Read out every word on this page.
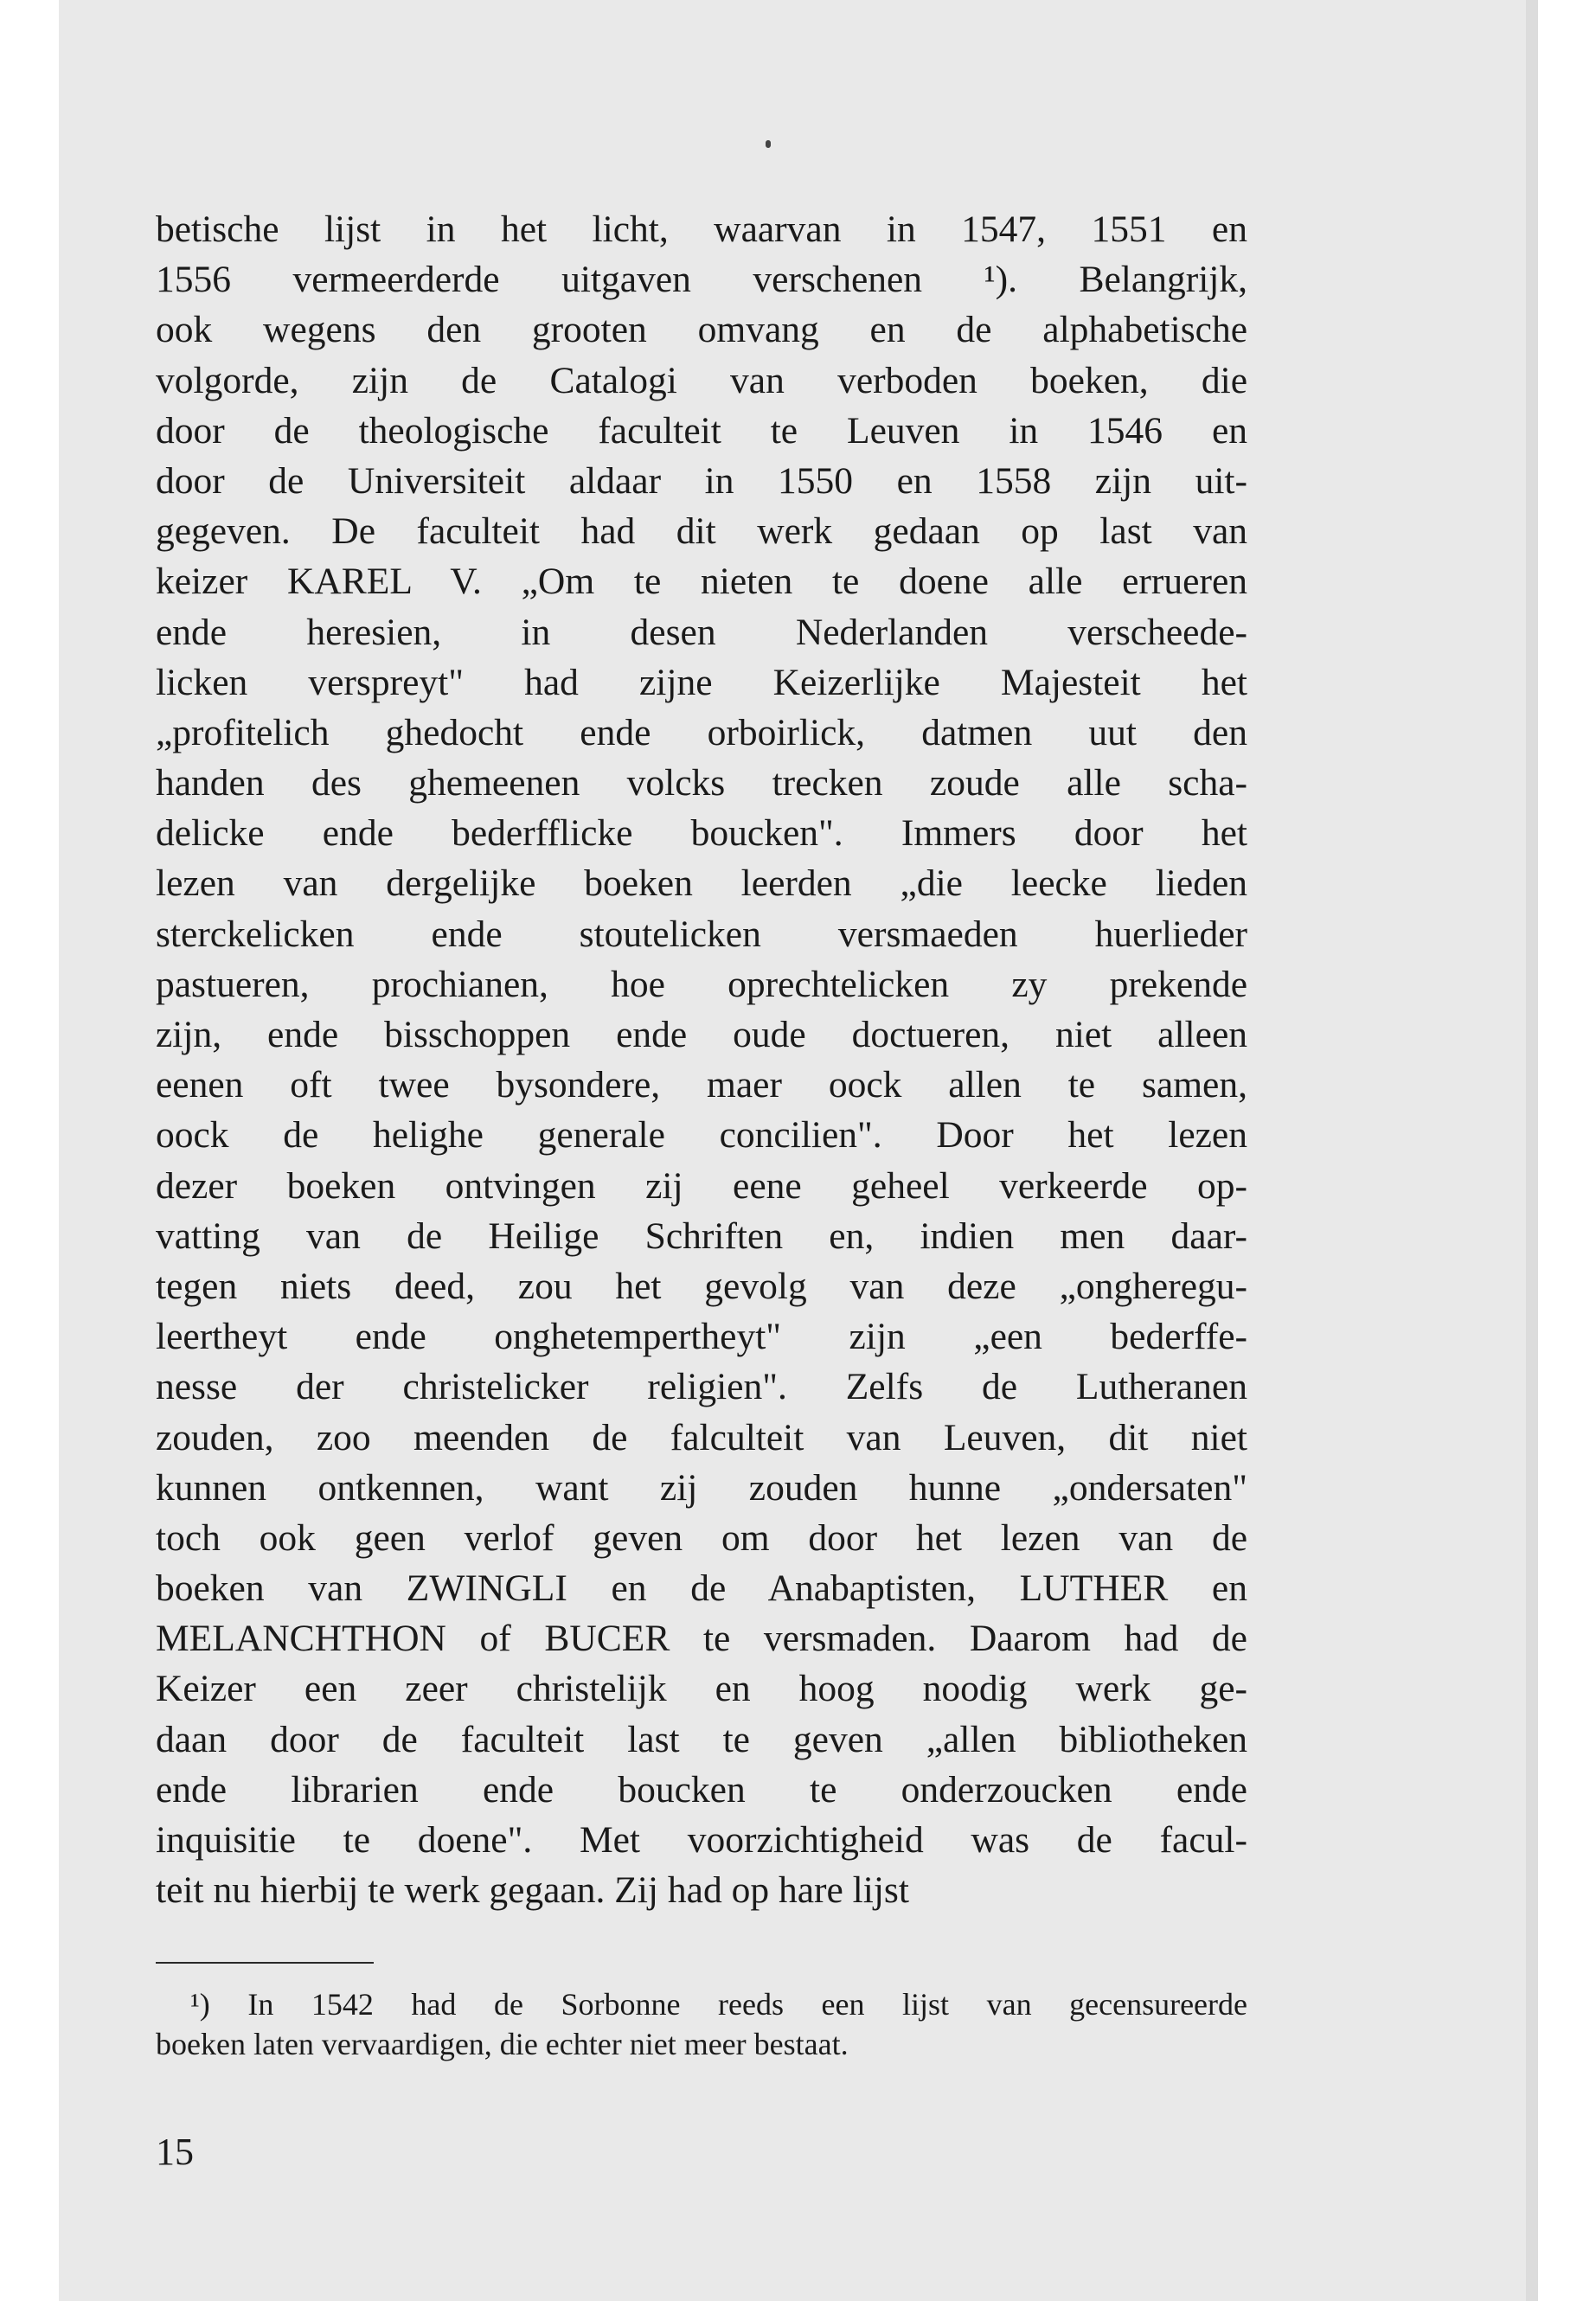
betische lijst in het licht, waarvan in 1547, 1551 en
1556 vermeerderde uitgaven verschenen ¹). Belangrijk,
ook wegens den grooten omvang en de alphabetische
volgorde, zijn de Catalogi van verboden boeken, die
door de theologische faculteit te Leuven in 1546 en
door de Universiteit aldaar in 1550 en 1558 zijn uit-
gegeven. De faculteit had dit werk gedaan op last van
keizer KAREL V. „Om te nieten te doene alle errueren
ende heresien, in desen Nederlanden verscheede-
licken verspreyt" had zijne Keizerlijke Majesteit het
„profitelich ghedocht ende orboirlick, datmen uut den
handen des ghemeenen volcks trecken zoude alle scha-
delicke ende bederfflicke boucken". Immers door het
lezen van dergelijke boeken leerden „die leecke lieden
sterckelicken ende stoutelicken versmaeden huerlieder
pastueren, prochianen, hoe oprechtelicken zy prekende
zijn, ende bisschoppen ende oude doctueren, niet alleen
eenen oft twee bysondere, maer oock allen te samen,
oock de helighe generale concilien". Door het lezen
dezer boeken ontvingen zij eene geheel verkeerde op-
vatting van de Heilige Schriften en, indien men daar-
tegen niets deed, zou het gevolg van deze „ongheregu-
leertheyt ende onghetempertheyt" zijn „een bederffe-
nesse der christelicker religien". Zelfs de Lutheranen
zouden, zoo meenden de falculteit van Leuven, dit niet
kunnen ontkennen, want zij zouden hunne „ondersaten"
toch ook geen verlof geven om door het lezen van de
boeken van ZWINGLI en de Anabaptisten, LUTHER en
MELANCHTHON of BUCER te versmaden. Daarom had de
Keizer een zeer christelijk en hoog noodig werk ge-
daan door de faculteit last te geven „allen bibliotheken
ende librarien ende boucken te onderzoucken ende
inquisitie te doene". Met voorzichtigheid was de facul-
teit nu hierbij te werk gegaan. Zij had op hare lijst
¹) In 1542 had de Sorbonne reeds een lijst van gecensureerde
boeken laten vervaardigen, die echter niet meer bestaat.
15
